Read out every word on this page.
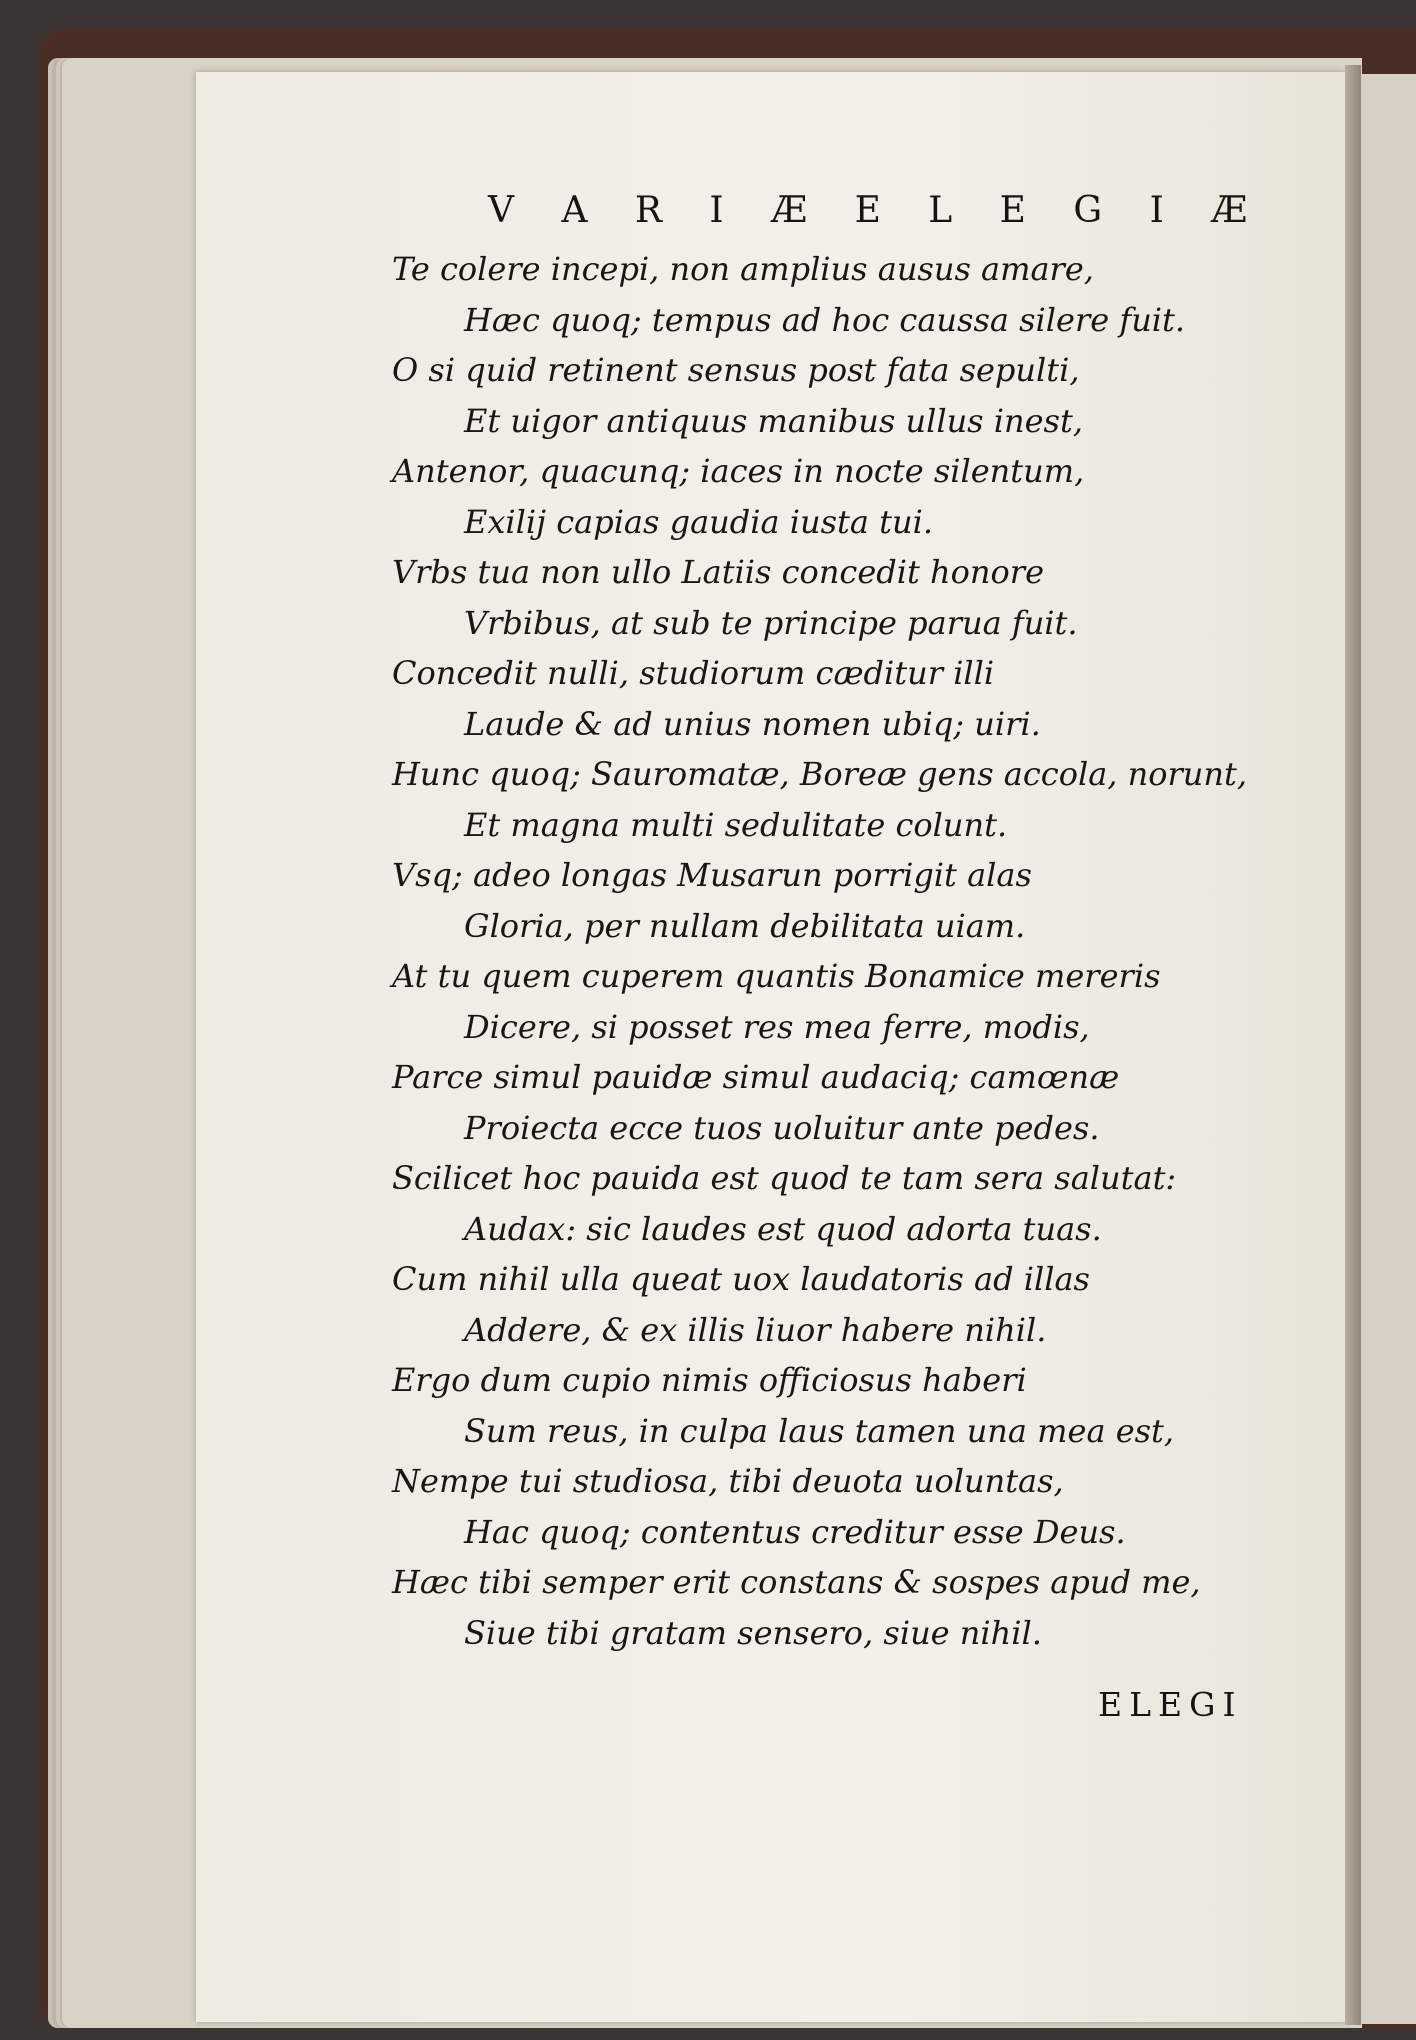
V A R I Æ E L E G I Æ
Te colere incepi, non amplius ausus amare,
Hæc quoq; tempus ad hoc caussa silere fuit.
O si quid retinent sensus post fata sepulti,
Et uigor antiquus manibus ullus inest,
Antenor, quacunq; iaces in nocte silentum,
Exilij capias gaudia iusta tui.
Vrbs tua non ullo Latiis concedit honore
Vrbibus, at sub te principe parua fuit.
Concedit nulli, studiorum cæditur illi
Laude & ad unius nomen ubiq; uiri.
Hunc quoq; Sauromatæ, Boreæ gens accola, norunt,
Et magna multi sedulitate colunt.
Vsq; adeo longas Musarun porrigit alas
Gloria, per nullam debilitata uiam.
At tu quem cuperem quantis Bonamice mereris
Dicere, si posset res mea ferre, modis,
Parce simul pauidæ simul audaciq; camœnæ
Proiecta ecce tuos uoluitur ante pedes.
Scilicet hoc pauida est quod te tam sera salutat:
Audax: sic laudes est quod adorta tuas.
Cum nihil ulla queat uox laudatoris ad illas
Addere, & ex illis liuor habere nihil.
Ergo dum cupio nimis officiosus haberi
Sum reus, in culpa laus tamen una mea est,
Nempe tui studiosa, tibi deuota uoluntas,
Hac quoq; contentus creditur esse Deus.
Hæc tibi semper erit constans & sospes apud me,
Siue tibi gratam sensero, siue nihil.
ELEGI
